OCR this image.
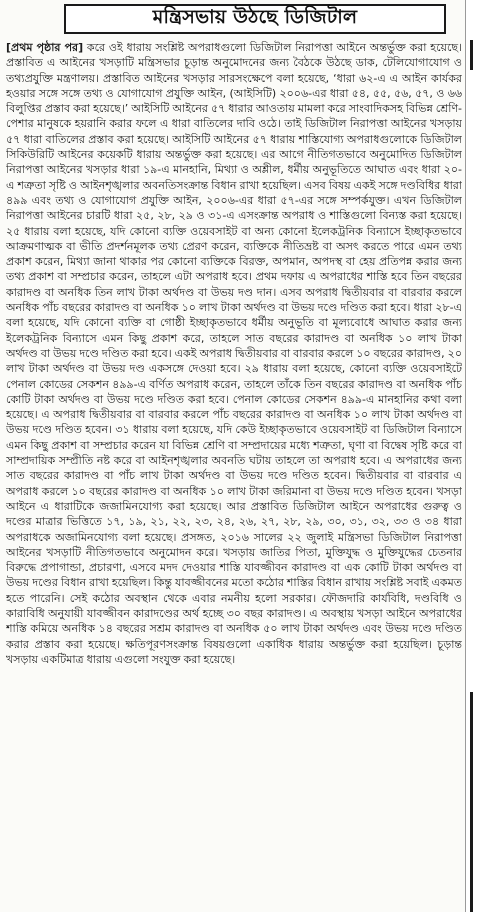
মন্ত্রিসভায় উঠছে ডিজিটাল

[প্রথম পৃষ্ঠার পর] করে ওই ধারায় সংশ্লিষ্ট অপরাধগুলো ডিজিটাল নিরাপত্তা আইনে অন্তর্ভুক্ত করা হয়েছে। প্রস্তাবিত এ আইনের খসড়াটি মন্ত্রিসভার চূড়ান্ত অনুমোদনের জন্য বৈঠকে উঠছে ডাক, টেলিযোগাযোগ ও তথ্যপ্রযুক্তি মন্ত্রণালয়। প্রস্তাবিত আইনের খসড়ার সারসংক্ষেপে বলা হয়েছে, ‘ধারা ৬২-এ এ আইন কার্যকর হওয়ার সঙ্গে সঙ্গে তথ্য ও যোগাযোগ প্রযুক্তি আইন, (আইসিটি) ২০০৬-এর ধারা ৫৪, ৫৫, ৫৬, ৫৭, ও ৬৬ বিলুপ্তির প্রস্তাব করা হয়েছে।’ আইসিটি আইনের ৫৭ ধারার আওতায় মামলা করে সাংবাদিকসহ বিভিন্ন শ্রেণি-পেশার মানুষকে হয়রানি করার ফলে এ ধারা বাতিলের দাবি ওঠে। তাই ডিজিটাল নিরাপত্তা আইনের খসড়ায় ৫৭ ধারা বাতিলের প্রস্তাব করা হয়েছে। আইসিটি আইনের ৫৭ ধারায় শাস্তিযোগ্য অপরাধগুলোকে ডিজিটাল সিকিউরিটি আইনের কয়েকটি ধারায় অন্তর্ভুক্ত করা হয়েছে। এর আগে নীতিগতভাবে অনুমোদিত ডিজিটাল নিরাপত্তা আইনের খসড়ার ধারা ১৯-এ মানহানি, মিথ্যা ও অশ্লীল, ধর্মীয় অনুভূতিতে আঘাত এবং ধারা ২০-এ শত্রুতা সৃষ্টি ও আইনশৃঙ্খলার অবনতিসংক্রান্ত বিধান রাখা হয়েছিল। এসব বিষয় একই সঙ্গে দণ্ডবিধির ধারা ৪৯৯ এবং তথ্য ও যোগাযোগ প্রযুক্তি আইন, ২০০৬-এর ধারা ৫৭-এর সঙ্গে সম্পর্কযুক্ত। এখন ডিজিটাল নিরাপত্তা আইনের চারটি ধারা ২৫, ২৮, ২৯ ও ৩১-এ এসংক্রান্ত অপরাধ ও শাস্তিগুলো বিন্যস্ত করা হয়েছে। ২৫ ধারায় বলা হয়েছে, যদি কোনো ব্যক্তি ওয়েবসাইট বা অন্য কোনো ইলেকট্রনিক বিন্যাসে ইচ্ছাকৃতভাবে আক্রমণাত্মক বা ভীতি প্রদর্শনমূলক তথ্য প্রেরণ করেন, ব্যক্তিকে নীতিভ্রষ্ট বা অসৎ করতে পারে এমন তথ্য প্রকাশ করেন, মিথ্যা জানা থাকার পর কোনো ব্যক্তিকে বিরক্ত, অপমান, অপদস্থ বা হেয় প্রতিপন্ন করার জন্য তথ্য প্রকাশ বা সম্প্রচার করেন, তাহলে এটা অপরাধ হবে। প্রথম দফায় এ অপরাধের শাস্তি হবে তিন বছরের কারাদণ্ড বা অনধিক তিন লাখ টাকা অর্থদণ্ড বা উভয় দণ্ড দান। এসব অপরাধ দ্বিতীয়বার বা বারবার করলে অনধিক পাঁচ বছরের কারাদণ্ড বা অনধিক ১০ লাখ টাকা অর্থদণ্ড বা উভয় দণ্ডে দণ্ডিত করা হবে। ধারা ২৮-এ বলা হয়েছে, যদি কোনো ব্যক্তি বা গোষ্ঠী ইচ্ছাকৃতভাবে ধর্মীয় অনুভূতি বা মূল্যবোধে আঘাত করার জন্য ইলেকট্রনিক বিন্যাসে এমন কিছু প্রকাশ করে, তাহলে সাত বছরের কারাদণ্ড বা অনধিক ১০ লাখ টাকা অর্থদণ্ড বা উভয় দণ্ডে দণ্ডিত করা হবে। একই অপরাধ দ্বিতীয়বার বা বারবার করলে ১০ বছরের কারাদণ্ড, ২০ লাখ টাকা অর্থদণ্ড বা উভয় দণ্ড একসঙ্গে দেওয়া হবে। ২৯ ধারায় বলা হয়েছে, কোনো ব্যক্তি ওয়েবসাইটে পেনাল কোডের সেকশন ৪৯৯-এ বর্ণিত অপরাধ করেন, তাহলে তাঁকে তিন বছরের কারাদণ্ড বা অনধিক পাঁচ কোটি টাকা অর্থদণ্ড বা উভয় দণ্ডে দণ্ডিত করা হবে। পেনাল কোডের সেকশন ৪৯৯-এ মানহানির কথা বলা হয়েছে। এ অপরাধ দ্বিতীয়বার বা বারবার করলে পাঁচ বছরের কারাদণ্ড বা অনধিক ১০ লাখ টাকা অর্থদণ্ড বা উভয় দণ্ডে দণ্ডিত হবেন। ৩১ ধারায় বলা হয়েছে, যদি কেউ ইচ্ছাকৃতভাবে ওয়েবসাইট বা ডিজিটাল বিন্যাসে এমন কিছু প্রকাশ বা সম্প্রচার করেন যা বিভিন্ন শ্রেণি বা সম্প্রদায়ের মধ্যে শত্রুতা, ঘৃণা বা বিদ্বেষ সৃষ্টি করে বা সাম্প্রদায়িক সম্প্রীতি নষ্ট করে বা আইনশৃঙ্খলার অবনতি ঘটায় তাহলে তা অপরাধ হবে। এ অপরাধের জন্য সাত বছরের কারাদণ্ড বা পাঁচ লাখ টাকা অর্থদণ্ড বা উভয় দণ্ডে দণ্ডিত হবেন। দ্বিতীয়বার বা বারবার এ অপরাধ করলে ১০ বছরের কারাদণ্ড বা অনধিক ১০ লাখ টাকা জরিমানা বা উভয় দণ্ডে দণ্ডিত হবেন। খসড়া আইনে এ ধারাটিকে জজামিনযোগ্য করা হয়েছে। আর প্রস্তাবিত ডিজিটাল আইনে অপরাধের গুরুত্ব ও দণ্ডের মাত্রার ভিত্তিতে ১৭, ১৯, ২১, ২২, ২৩, ২৪, ২৬, ২৭, ২৮, ২৯, ৩০, ৩১, ৩২, ৩৩ ও ৩৪ ধারা অপরাধকে অজামিনযোগ্য বলা হয়েছে। প্রসঙ্গত, ২০১৬ সালের ২২ জুলাই মন্ত্রিসভা ডিজিটাল নিরাপত্তা আইনের খসড়াটি নীতিগতভাবে অনুমোদন করে। খসড়ায় জাতির পিতা, মুক্তিযুদ্ধ ও মুক্তিযুদ্ধের চেতনার বিরুদ্ধে প্রপাগান্ডা, প্রচারণা, এসবে মদদ দেওয়ার শাস্তি যাবজ্জীবন কারাদণ্ড বা এক কোটি টাকা অর্থদণ্ড বা উভয় দণ্ডের বিধান রাখা হয়েছিল। কিন্তু যাবজ্জীবনের মতো কঠোর শাস্তির বিধান রাখায় সংশ্লিষ্ট সবাই একমত হতে পারেনি। সেই কঠোর অবস্থান থেকে এবার নমনীয় হলো সরকার। ফৌজদারি কার্যবিধি, দণ্ডবিধি ও কারাবিধি অনুযায়ী যাবজ্জীবন কারাদণ্ডের অর্থ হচ্ছে ৩০ বছর কারাদণ্ড। এ অবস্থায় খসড়া আইনে অপরাধের শাস্তি কমিয়ে অনধিক ১৪ বছরের সশ্রম কারাদণ্ড বা অনধিক ৫০ লাখ টাকা অর্থদণ্ড এবং উভয় দণ্ডে দণ্ডিত করার প্রস্তাব করা হয়েছে। ক্ষতিপূরণসংক্রান্ত বিষয়গুলো একাধিক ধারায় অন্তর্ভুক্ত করা হয়েছিল। চূড়ান্ত খসড়ায় একটিমাত্র ধারায় এগুলো সংযুক্ত করা হয়েছে।
